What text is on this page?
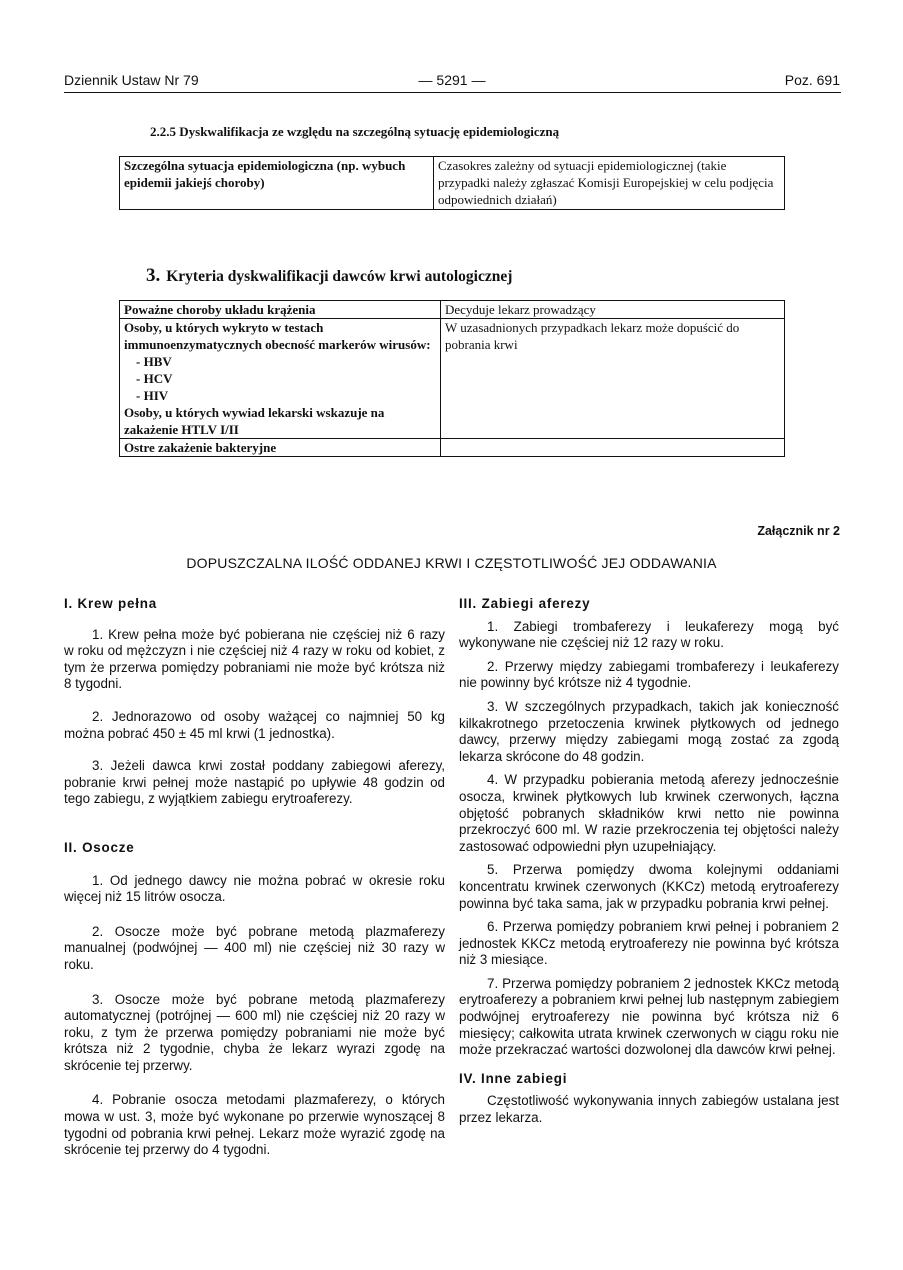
Dziennik Ustaw Nr 79	— 5291 —	Poz. 691
2.2.5 Dyskwalifikacja ze względu na szczególną sytuację epidemiologiczną
Szczególna sytuacja epidemiologiczna (np. wybuch epidemii jakiejś choroby)	Czasokres zależny od sytuacji epidemiologicznej (takie przypadki należy zgłaszać Komisji Europejskiej w celu podjęcia odpowiednich działań)
3. Kryteria dyskwalifikacji dawców krwi autologicznej
Poważne choroby układu krążenia	Decyduje lekarz prowadzący
Osoby, u których wykryto w testach immunoenzymatycznych obecność markerów wirusów:
- HBV
- HCV
- HIV
Osoby, u których wywiad lekarski wskazuje na zakażenie HTLV I/II	W uzasadnionych przypadkach lekarz może dopuścić do pobrania krwi
Ostre zakażenie bakteryjne	
Załącznik nr 2
DOPUSZCZALNA ILOŚĆ ODDANEJ KRWI I CZĘSTOTLIWOŚĆ JEJ ODDAWANIA
I. Krew pełna

1. Krew pełna może być pobierana nie częściej niż 6 razy w roku od mężczyzn i nie częściej niż 4 razy w roku od kobiet, z tym że przerwa pomiędzy pobraniami nie może być krótsza niż 8 tygodni.

2. Jednorazowo od osoby ważącej co najmniej 50 kg można pobrać 450 ± 45 ml krwi (1 jednostka).

3. Jeżeli dawca krwi został poddany zabiegowi aferezy, pobranie krwi pełnej może nastąpić po upływie 48 godzin od tego zabiegu, z wyjątkiem zabiegu erytroaferezy.

II. Osocze

1. Od jednego dawcy nie można pobrać w okresie roku więcej niż 15 litrów osocza.

2. Osocze może być pobrane metodą plazmaferezy manualnej (podwójnej — 400 ml) nie częściej niż 30 razy w roku.

3. Osocze może być pobrane metodą plazmaferezy automatycznej (potrójnej — 600 ml) nie częściej niż 20 razy w roku, z tym że przerwa pomiędzy pobraniami nie może być krótsza niż 2 tygodnie, chyba że lekarz wyrazi zgodę na skrócenie tej przerwy.

4. Pobranie osocza metodami plazmaferezy, o których mowa w ust. 3, może być wykonane po przerwie wynoszącej 8 tygodni od pobrania krwi pełnej. Lekarz może wyrazić zgodę na skrócenie tej przerwy do 4 tygodni.

III. Zabiegi aferezy

1. Zabiegi trombaferezy i leukaferezy mogą być wykonywane nie częściej niż 12 razy w roku.

2. Przerwy między zabiegami trombaferezy i leukaferezy nie powinny być krótsze niż 4 tygodnie.

3. W szczególnych przypadkach, takich jak konieczność kilkakrotnego przetoczenia krwinek płytkowych od jednego dawcy, przerwy między zabiegami mogą zostać za zgodą lekarza skrócone do 48 godzin.

4. W przypadku pobierania metodą aferezy jednocześnie osocza, krwinek płytkowych lub krwinek czerwonych, łączna objętość pobranych składników krwi netto nie powinna przekroczyć 600 ml. W razie przekroczenia tej objętości należy zastosować odpowiedni płyn uzupełniający.

5. Przerwa pomiędzy dwoma kolejnymi oddaniami koncentratu krwinek czerwonych (KKCz) metodą erytroaferezy powinna być taka sama, jak w przypadku pobrania krwi pełnej.

6. Przerwa pomiędzy pobraniem krwi pełnej i pobraniem 2 jednostek KKCz metodą erytroaferezy nie powinna być krótsza niż 3 miesiące.

7. Przerwa pomiędzy pobraniem 2 jednostek KKCz metodą erytroaferezy a pobraniem krwi pełnej lub następnym zabiegiem podwójnej erytroaferezy nie powinna być krótsza niż 6 miesięcy; całkowita utrata krwinek czerwonych w ciągu roku nie może przekraczać wartości dozwolonej dla dawców krwi pełnej.

IV. Inne zabiegi

Częstotliwość wykonywania innych zabiegów ustalana jest przez lekarza.
